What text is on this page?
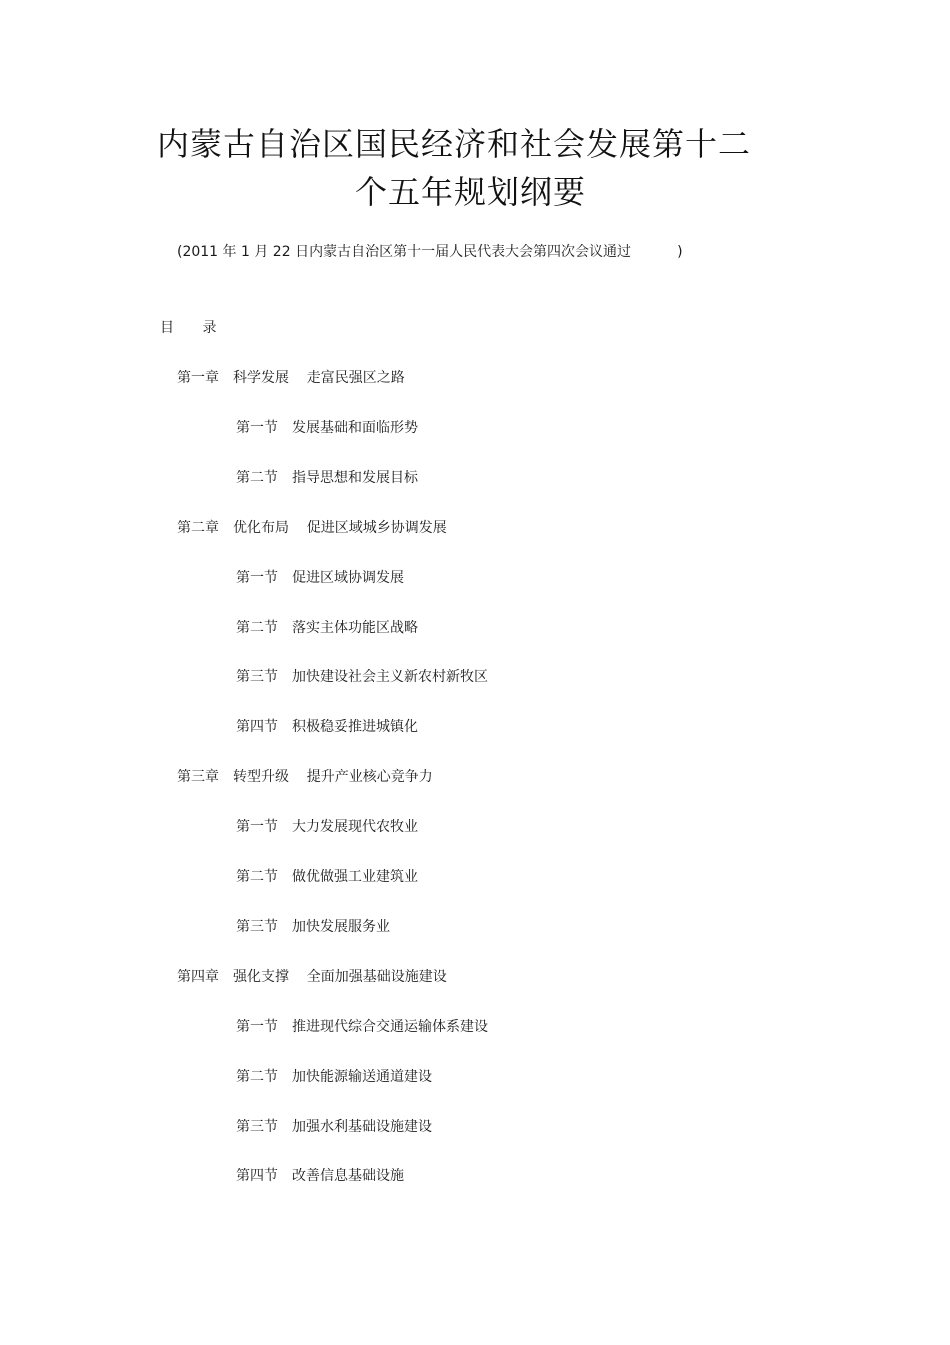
内蒙古自治区国民经济和社会发展第十二
个五年规划纲要
(2011 年 1 月 22 日内蒙古自治区第十一届人民代表大会第四次会议通过	)
目 录
第一章 科学发展    走富民强区之路
第一节 发展基础和面临形势
第二节 指导思想和发展目标
第二章 优化布局    促进区域城乡协调发展
第一节 促进区域协调发展
第二节 落实主体功能区战略
第三节 加快建设社会主义新农村新牧区
第四节 积极稳妥推进城镇化
第三章 转型升级    提升产业核心竞争力
第一节 大力发展现代农牧业
第二节 做优做强工业建筑业
第三节 加快发展服务业
第四章 强化支撑    全面加强基础设施建设
第一节 推进现代综合交通运输体系建设
第二节 加快能源输送通道建设
第三节 加强水利基础设施建设
第四节 改善信息基础设施
